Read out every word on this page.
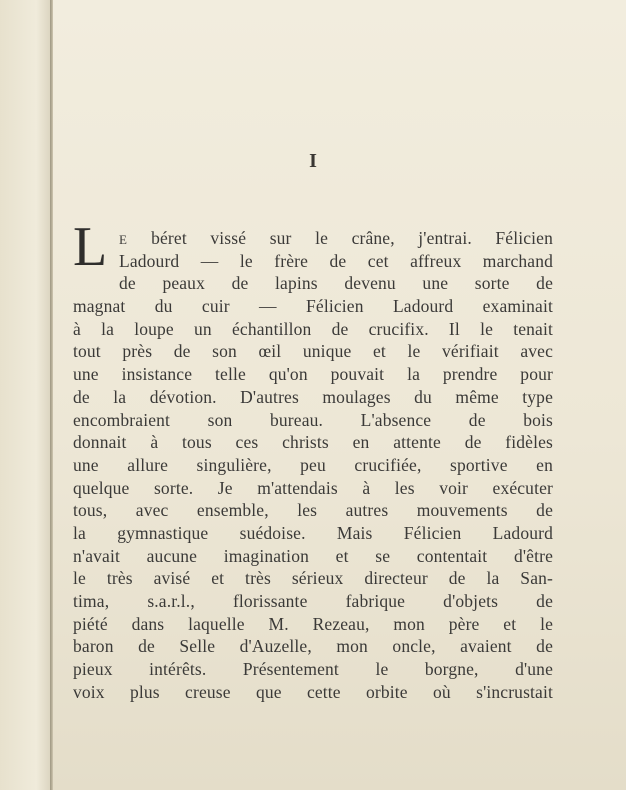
I
L E béret vissé sur le crâne, j'entrai. Félicien
Ladourd — le frère de cet affreux marchand
de peaux de lapins devenu une sorte de
magnat du cuir — Félicien Ladourd examinait
à la loupe un échantillon de crucifix. Il le tenait
tout près de son œil unique et le vérifiait avec
une insistance telle qu'on pouvait la prendre pour
de la dévotion. D'autres moulages du même type
encombraient son bureau. L'absence de bois
donnait à tous ces christs en attente de fidèles
une allure singulière, peu crucifiée, sportive en
quelque sorte. Je m'attendais à les voir exécuter
tous, avec ensemble, les autres mouvements de
la gymnastique suédoise. Mais Félicien Ladourd
n'avait aucune imagination et se contentait d'être
le très avisé et très sérieux directeur de la San-
tima, s.a.r.l., florissante fabrique d'objets de
piété dans laquelle M. Rezeau, mon père et le
baron de Selle d'Auzelle, mon oncle, avaient de
pieux intérêts. Présentement le borgne, d'une
voix plus creuse que cette orbite où s'incrustait
